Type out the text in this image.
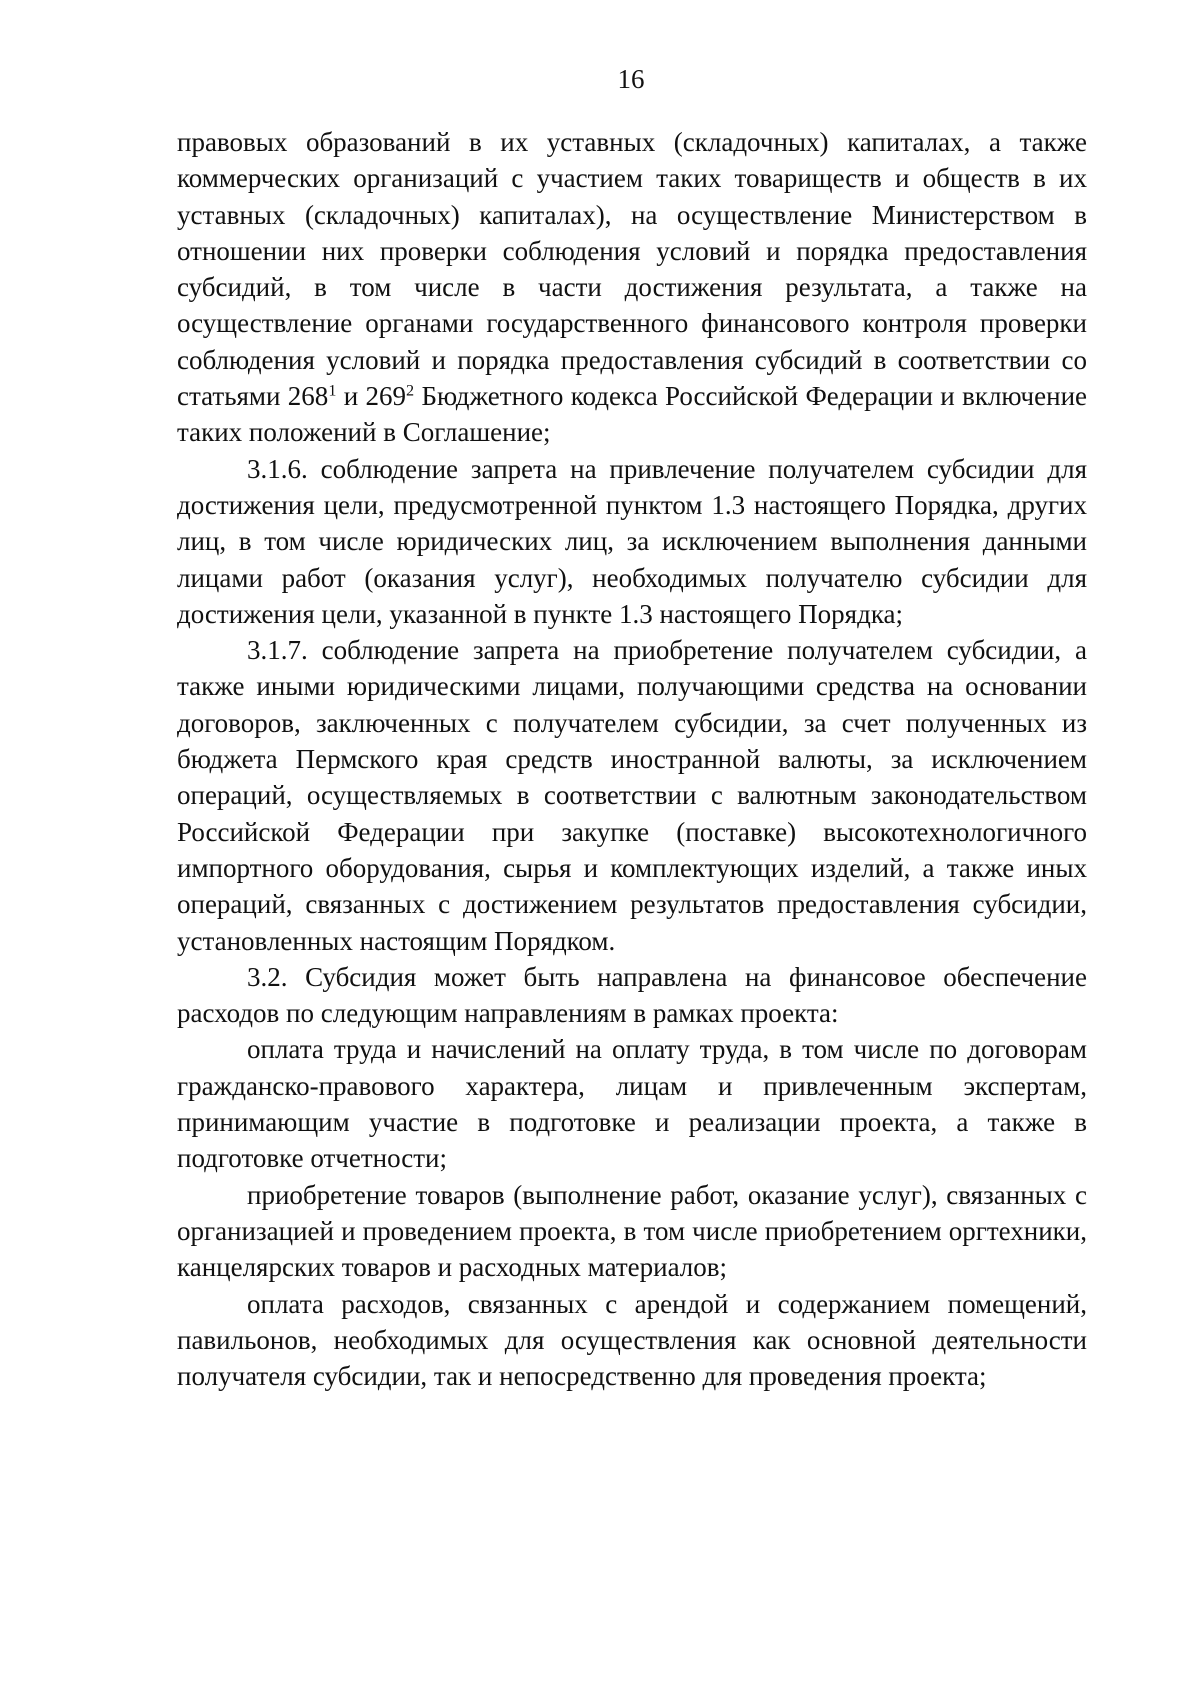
16

правовых образований в их уставных (складочных) капиталах, а также коммерческих организаций с участием таких товариществ и обществ в их уставных (складочных) капиталах), на осуществление Министерством в отношении них проверки соблюдения условий и порядка предоставления субсидий, в том числе в части достижения результата, а также на осуществление органами государственного финансового контроля проверки соблюдения условий и порядка предоставления субсидий в соответствии со статьями $268^1$ и $269^2$ Бюджетного кодекса Российской Федерации и включение таких положений в Соглашение;

3.1.6. соблюдение запрета на привлечение получателем субсидии для достижения цели, предусмотренной пунктом 1.3 настоящего Порядка, других лиц, в том числе юридических лиц, за исключением выполнения данными лицами работ (оказания услуг), необходимых получателю субсидии для достижения цели, указанной в пункте 1.3 настоящего Порядка;

3.1.7. соблюдение запрета на приобретение получателем субсидии, а также иными юридическими лицами, получающими средства на основании договоров, заключенных с получателем субсидии, за счет полученных из бюджета Пермского края средств иностранной валюты, за исключением операций, осуществляемых в соответствии с валютным законодательством Российской Федерации при закупке (поставке) высокотехнологичного импортного оборудования, сырья и комплектующих изделий, а также иных операций, связанных с достижением результатов предоставления субсидии, установленных настоящим Порядком.

3.2. Субсидия может быть направлена на финансовое обеспечение расходов по следующим направлениям в рамках проекта:

оплата труда и начислений на оплату труда, в том числе по договорам гражданско-правового характера, лицам и привлеченным экспертам, принимающим участие в подготовке и реализации проекта, а также в подготовке отчетности;

приобретение товаров (выполнение работ, оказание услуг), связанных с организацией и проведением проекта, в том числе приобретением оргтехники, канцелярских товаров и расходных материалов;

оплата расходов, связанных с арендой и содержанием помещений, павильонов, необходимых для осуществления как основной деятельности получателя субсидии, так и непосредственно для проведения проекта;
